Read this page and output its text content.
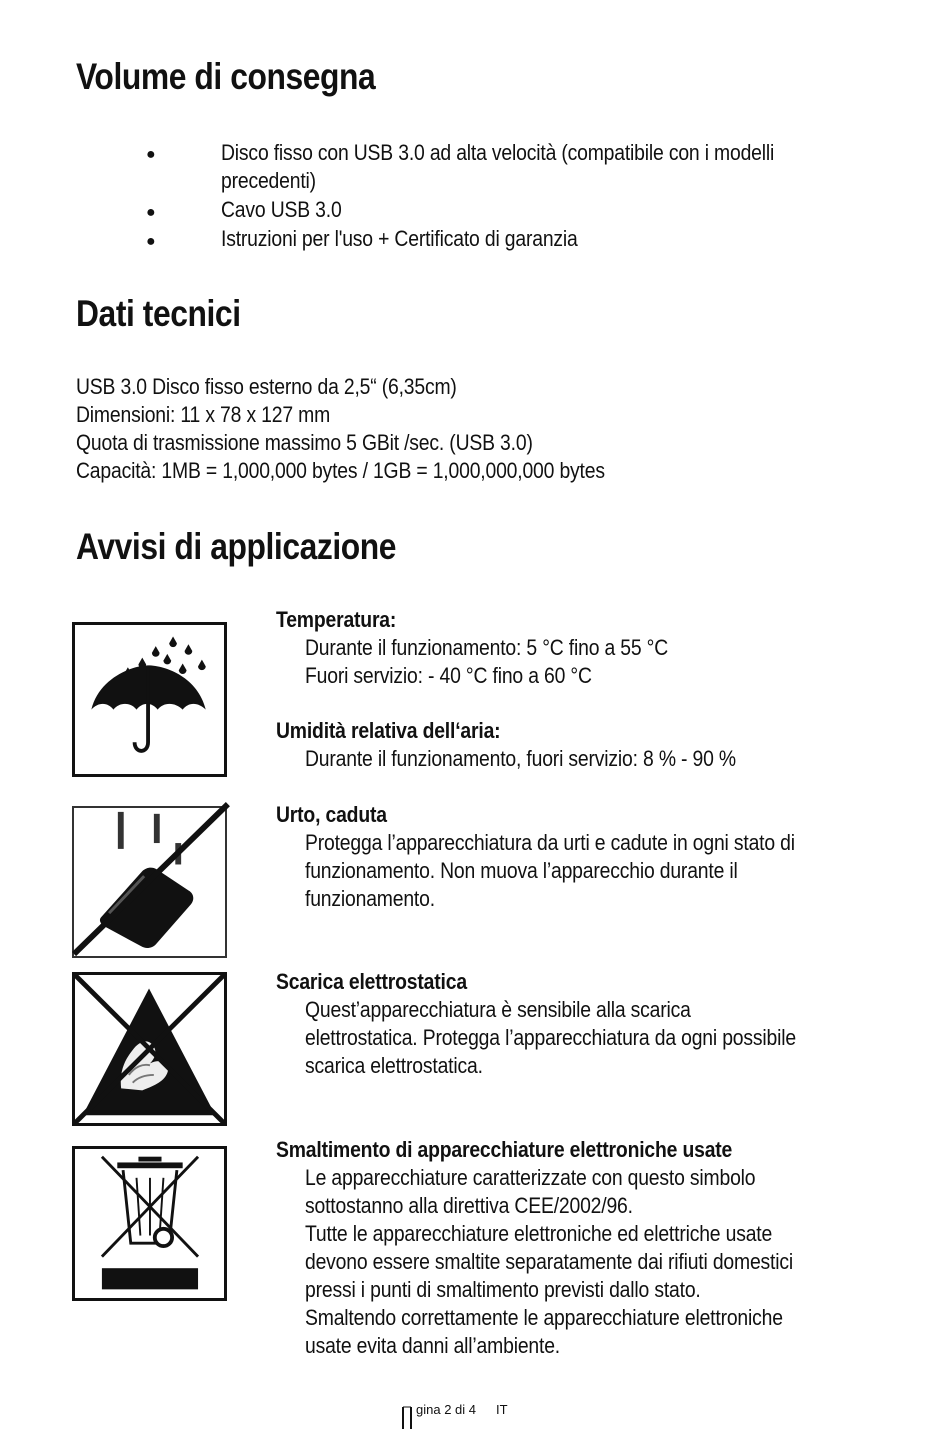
Volume di consegna
●	Disco fisso con USB 3.0 ad alta velocità (compatibile con i modelli
precedenti)
●	Cavo USB 3.0
●	Istruzioni per l'uso + Certificato di garanzia
Dati tecnici
USB 3.0 Disco fisso esterno da 2,5“ (6,35cm)
Dimensioni: 11 x 78 x 127 mm
Quota di trasmissione massimo 5 GBit /sec. (USB 3.0)
Capacità: 1MB = 1,000,000 bytes / 1GB = 1,000,000,000 bytes
Avvisi di applicazione
Temperatura:
Durante il funzionamento: 5 °C fino a 55 °C
Fuori servizio: - 40 °C fino a 60 °C
Umidità relativa dell‘aria:
Durante il funzionamento, fuori servizio: 8 % - 90 %
Urto, caduta
Protegga l’apparecchiatura da urti e cadute in ogni stato di
funzionamento. Non muova l’apparecchio durante il
funzionamento.
Scarica elettrostatica
Quest’apparecchiatura è sensibile alla scarica
elettrostatica. Protegga l’apparecchiatura da ogni possibile
scarica elettrostatica.
Smaltimento di apparecchiature elettroniche usate
Le apparecchiature caratterizzate con questo simbolo
sottostanno alla direttiva CEE/2002/96.
Tutte le apparecchiature elettroniche ed elettriche usate
devono essere smaltite separatamente dai rifiuti domestici
pressi i punti di smaltimento previsti dallo stato.
Smaltendo correttamente le apparecchiature elettroniche
usate evita danni all’ambiente.
gina 2 di 4 IT
